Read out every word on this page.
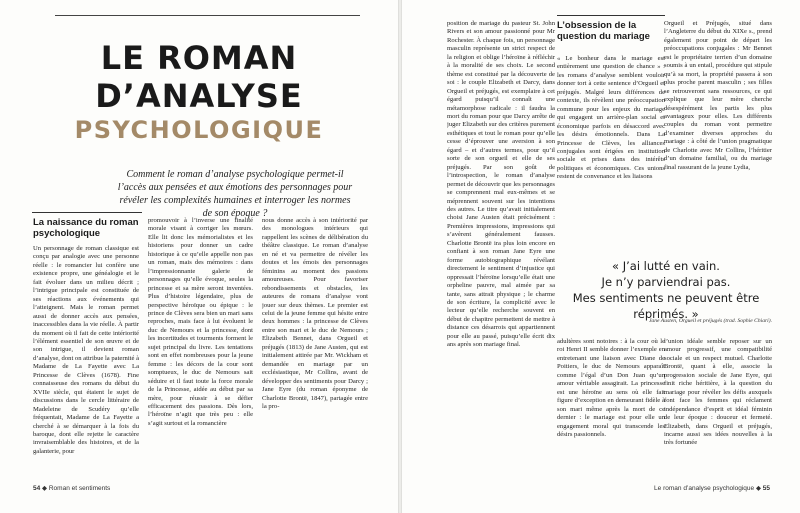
LE ROMAN
D’ANALYSE
PSYCHOLOGIQUE
Comment le roman d’analyse psychologique permet-il l’accès aux pensées et aux émotions des personnages pour révéler les complexités humaines et interroger les normes de son époque ?
La naissance du roman psychologique

Un personnage de roman classique est conçu par analogie avec une personne réelle : le romancier lui confère une existence propre, une généalogie et le fait évoluer dans un milieu décrit ; l’intrigue principale est constituée de ses réactions aux événements qui l’atteignent. Mais le roman permet aussi de donner accès aux pensées, inaccessibles dans la vie réelle. À partir du moment où il fait de cette intériorité l’élément essentiel de son œuvre et de son intrigue, il devient roman d’analyse, dont on attribue la paternité à Madame de La Fayette avec La Princesse de Clèves (1678). Fine connaisseuse des romans du début du XVIIe siècle, qui étaient le sujet de discussions dans le cercle littéraire de Madeleine de Scudéry qu’elle fréquentait, Madame de La Fayette a cherché à se démarquer à la fois du baroque, dont elle rejette le caractère invraisemblable des histoires, et de la galanterie, pour

promouvoir à l’inverse une finalité morale visant à corriger les mœurs. Elle lit donc les mémorialistes et les historiens pour donner un cadre historique à ce qu’elle appelle non pas un roman, mais des mémoires : dans l’impressionnante galerie de personnages qu’elle évoque, seules la princesse et sa mère seront inventées. Plus d’histoire légendaire, plus de perspective héroïque ou épique : le prince de Clèves sera bien un mari sans reproches, mais face à lui évoluent le duc de Nemours et la princesse, dont les incertitudes et tourments forment le sujet principal du livre. Les tentations sont en effet nombreuses pour la jeune femme : les décors de la cour sont somptueux, le duc de Nemours sait séduire et il faut toute la force morale de la Princesse, aidée au début par sa mère, pour réussir à se défier efficacement des passions. Dès lors, l’héroïne n’agit que très peu : elle s’agit surtout et la romancière

nous donne accès à son intériorité par des monologues intérieurs qui rappellent les scènes de délibération du théâtre classique. Le roman d’analyse en né et va permettre de révéler les doutes et les émois des personnages féminins au moment des passions amoureuses. Pour favoriser rebondissements et obstacles, les auteures de romans d’analyse vont jouer sur deux thèmes. Le premier est celui de la jeune femme qui hésite entre deux hommes : la princesse de Clèves entre son mari et le duc de Nemours ; Elizabeth Bennet, dans Orgueil et préjugés (1813) de Jane Austen, qui est initialement attirée par Mr. Wickham et demandée en mariage par un ecclésiastique, Mr Collins, avant de développer des sentiments pour Darcy ; Jane Eyre (du roman éponyme de Charlotte Brontë, 1847), partagée entre la pro-

54 ◆ Roman et sentiments

position de mariage du pasteur St. John Rivers et son amour passionné pour Mr Rochester. À chaque fois, un personnage masculin représente un strict respect de la religion et oblige l’héroïne à réfléchir à la moralité de ses choix. Le second thème est constitué par la découverte de soi : le couple Elizabeth et Darcy, dans Orgueil et préjugés, est exemplaire à cet égard puisqu’il connaît une métamorphose radicale : il faudra la mort du roman pour que Darcy arrête de juger Elizabeth sur des critères purement esthétiques et tout le roman pour qu’elle cesse d’éprouver une aversion à son égard – et d’autres termes, pour qu’il sorte de son orgueil et elle de ses préjugés. Par son goût de l’introspection, le roman d’analyse permet de découvrir que les personnages se comprennent mal eux-mêmes et se méprennent souvent sur les intentions des autres. Le titre qu’avait initialement choisi Jane Austen était précisément : Premières impressions, impressions qui s’avèrent généralement fausses. Charlotte Brontë ira plus loin encore en confiant à son roman Jane Eyre une forme autobiographique révélant directement le sentiment d’injustice qui oppressait l’héroïne lorsqu’elle était une orpheline pauvre, mal aimée par sa tante, sans attrait physique ; le charme de son écriture, la complicité avec le lecteur qu’elle recherche souvent en début de chapitre permettent de mettre à distance ces désarrois qui appartiennent pour elle au passé, puisqu’elle écrit dix ans après son mariage final.

L’obsession de la question du mariage

« Le bonheur dans le mariage est entièrement une question de chance » : les romans d’analyse semblent vouloir donner tort à cette sentence d’Orgueil et préjugés. Malgré leurs différences de contexte, ils révèlent une préoccupation commune pour les enjeux du mariage qui engagent un arrière-plan social et économique parfois en désaccord avec les désirs émotionnels. Dans La Princesse de Clèves, les alliances conjugales sont érigées en institution sociale et prises dans des intérêts politiques et économiques. Ces unions restent de convenance et les liaisons

Orgueil et Préjugés, situé dans l’Angleterre du début du XIXe s., prend également pour point de départ les préoccupations conjugales : Mr Bennet est le propriétaire terrien d’un domaine soumis à un entail, procédure qui stipule qu’à sa mort, la propriété passera à son plus proche parent masculin ; ses filles se retrouveront sans ressources, ce qui explique que leur mère cherche désespérément les partis les plus avantageux pour elles. Les différents couples du roman vont permettre d’examiner diverses approches du mariage : à côté de l’union pragmatique de Charlotte avec Mr Collins, l’héritier d’un domaine familial, ou du mariage final rassurant de la jeune Lydia,

« J’ai lutté en vain.
Je n’y parviendrai pas.
Mes sentiments ne peuvent être réprimés. »
Jane Austen, Orgueil et préjugés (trad. Sophie Chiari).

adultères sont notoires : à la cour où le roi Henri II semble donner l’exemple en entretenant une liaison avec Diane de Poitiers, le duc de Nemours apparaît comme l’égal d’un Don Juan qu’un amour véritable assagirait. La princesse est une héroïne au sens où elle fait figure d’exception en demeurant fidèle à son mari même après la mort de ce dernier : le mariage est pour elle un engagement moral qui transcende les désirs passionnels.

l’union idéale semble reposer sur un amour progressif, une compatibilité sociale et un respect mutuel. Charlotte Brontë, quant à elle, associe la progression sociale de Jane Eyre, qui finit riche héritière, à la question du mariage pour révéler les défis auxquels font face les femmes qui réclament indépendance d’esprit et idéal féminin de leur époque : douceur et fermeté. Elizabeth, dans Orgueil et préjugés, incarne aussi ses idées nouvelles à la très fortunée

Le roman d’analyse psychologique ◆ 55
